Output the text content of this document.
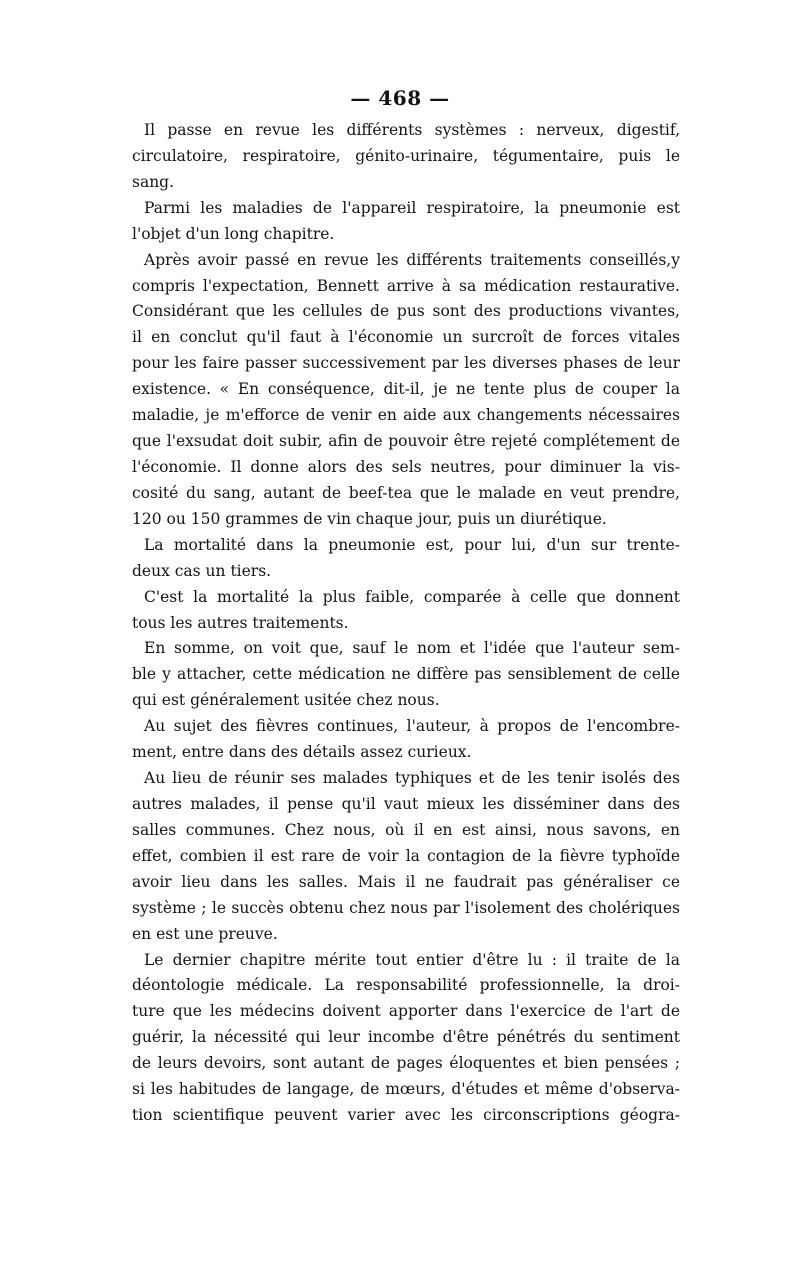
— 468 —
Il passe en revue les différents systèmes : nerveux, digestif,
circulatoire, respiratoire, génito-urinaire, tégumentaire, puis le
sang.
Parmi les maladies de l'appareil respiratoire, la pneumonie est
l'objet d'un long chapitre.
Après avoir passé en revue les différents traitements conseillés,y
compris l'expectation, Bennett arrive à sa médication restaurative.
Considérant que les cellules de pus sont des productions vivantes,
il en conclut qu'il faut à l'économie un surcroît de forces vitales
pour les faire passer successivement par les diverses phases de leur
existence. « En conséquence, dit-il, je ne tente plus de couper la
maladie, je m'efforce de venir en aide aux changements nécessaires
que l'exsudat doit subir, afin de pouvoir être rejeté complétement de
l'économie. Il donne alors des sels neutres, pour diminuer la vis-
cosité du sang, autant de beef-tea que le malade en veut prendre,
120 ou 150 grammes de vin chaque jour, puis un diurétique.
La mortalité dans la pneumonie est, pour lui, d'un sur trente-
deux cas un tiers.
C'est la mortalité la plus faible, comparée à celle que donnent
tous les autres traitements.
En somme, on voit que, sauf le nom et l'idée que l'auteur sem-
ble y attacher, cette médication ne diffère pas sensiblement de celle
qui est généralement usitée chez nous.
Au sujet des fièvres continues, l'auteur, à propos de l'encombre-
ment, entre dans des détails assez curieux.
Au lieu de réunir ses malades typhiques et de les tenir isolés des
autres malades, il pense qu'il vaut mieux les disséminer dans des
salles communes. Chez nous, où il en est ainsi, nous savons, en
effet, combien il est rare de voir la contagion de la fièvre typhoïde
avoir lieu dans les salles. Mais il ne faudrait pas généraliser ce
système ; le succès obtenu chez nous par l'isolement des cholériques
en est une preuve.
Le dernier chapitre mérite tout entier d'être lu : il traite de la
déontologie médicale. La responsabilité professionnelle, la droi-
ture que les médecins doivent apporter dans l'exercice de l'art de
guérir, la nécessité qui leur incombe d'être pénétrés du sentiment
de leurs devoirs, sont autant de pages éloquentes et bien pensées ;
si les habitudes de langage, de mœurs, d'études et même d'observa-
tion scientifique peuvent varier avec les circonscriptions géogra-
